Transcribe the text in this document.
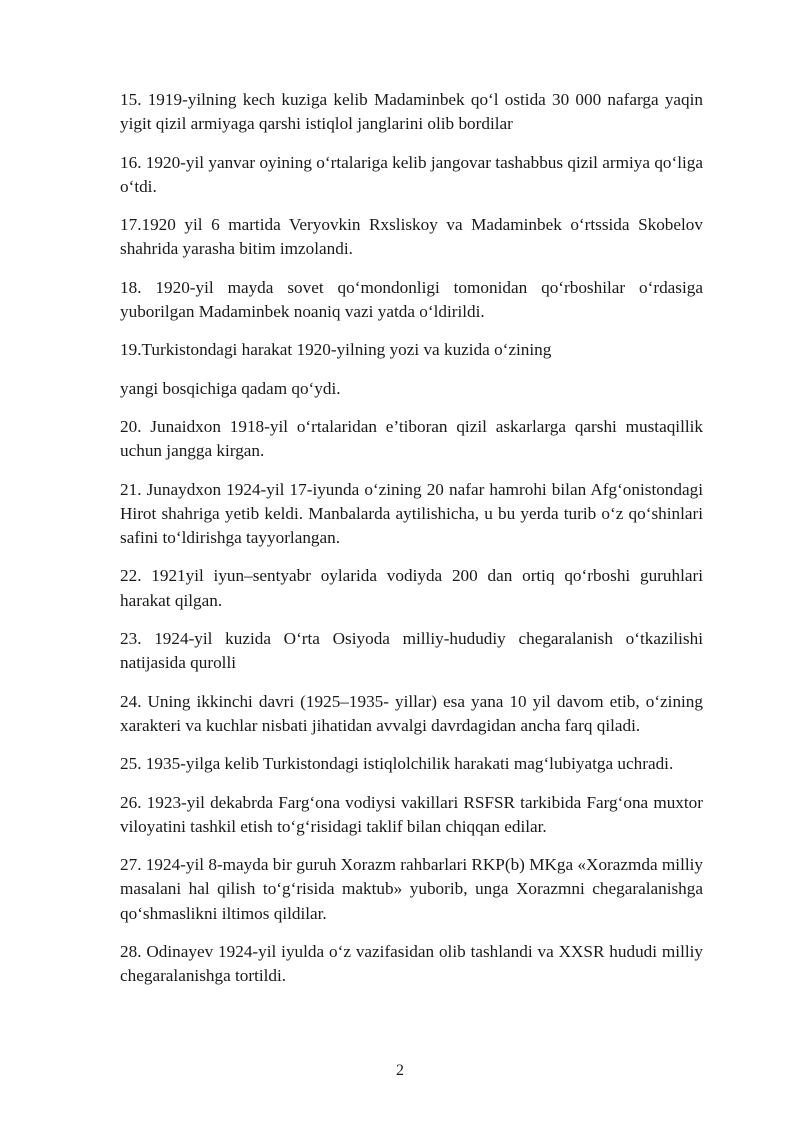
15. 1919-yilning kech kuziga kelib Madaminbek qo‘l ostida 30 000 nafarga yaqin yigit qizil armiyaga qarshi istiqlol janglarini olib bordilar

16. 1920-yil yanvar oyining o‘rtalariga kelib jangovar tashabbus qizil armiya qo‘liga o‘tdi.

17.1920 yil 6 martida Veryovkin Rxsliskoy va Madaminbek o‘rtssida Skobelov shahrida yarasha bitim imzolandi.

18. 1920-yil mayda sovet qo‘mondonligi tomonidan qo‘rboshilar o‘rdasiga yuborilgan Madaminbek noaniq vazi yatda o‘ldirildi.

19.Turkistondagi harakat 1920-yilning yozi va kuzida o‘zining

yangi bosqichiga qadam qo‘ydi.

20. Junaidxon 1918-yil o‘rtalaridan e’tiboran qizil askarlarga qarshi mustaqillik uchun jangga kirgan.

21. Junaydxon 1924-yil 17-iyunda o‘zining 20 nafar hamrohi bilan Afg‘onistondagi Hirot shahriga yetib keldi. Manbalarda aytilishicha, u bu yerda turib o‘z qo‘shinlari safini to‘ldirishga tayyorlangan.

22. 1921yil iyun–sentyabr oylarida vodiyda 200 dan ortiq qo‘rboshi guruhlari harakat qilgan.

23. 1924-yil kuzida O‘rta Osiyoda milliy-hududiy chegaralanish o‘tkazilishi natijasida qurolli

24. Uning ikkinchi davri (1925–1935- yillar) esa yana 10 yil davom etib, o‘zining xarakteri va kuchlar nisbati jihatidan avvalgi davrdagidan ancha farq qiladi.

25. 1935-yilga kelib Turkistondagi istiqlolchilik harakati mag‘lubiyatga uchradi.

26. 1923-yil dekabrda Farg‘ona vodiysi vakillari RSFSR tarkibida Farg‘ona muxtor viloyatini tashkil etish to‘g‘risidagi taklif bilan chiqqan edilar.

27. 1924-yil 8-mayda bir guruh Xorazm rahbarlari RKP(b) MKga «Xorazmda milliy masalani hal qilish to‘g‘risida maktub» yuborib, unga Xorazmni chegaralanishga qo‘shmaslikni iltimos qildilar.

28. Odinayev 1924-yil iyulda o‘z vazifasidan olib tashlandi va XXSR hududi milliy chegaralanishga tortildi.

2
